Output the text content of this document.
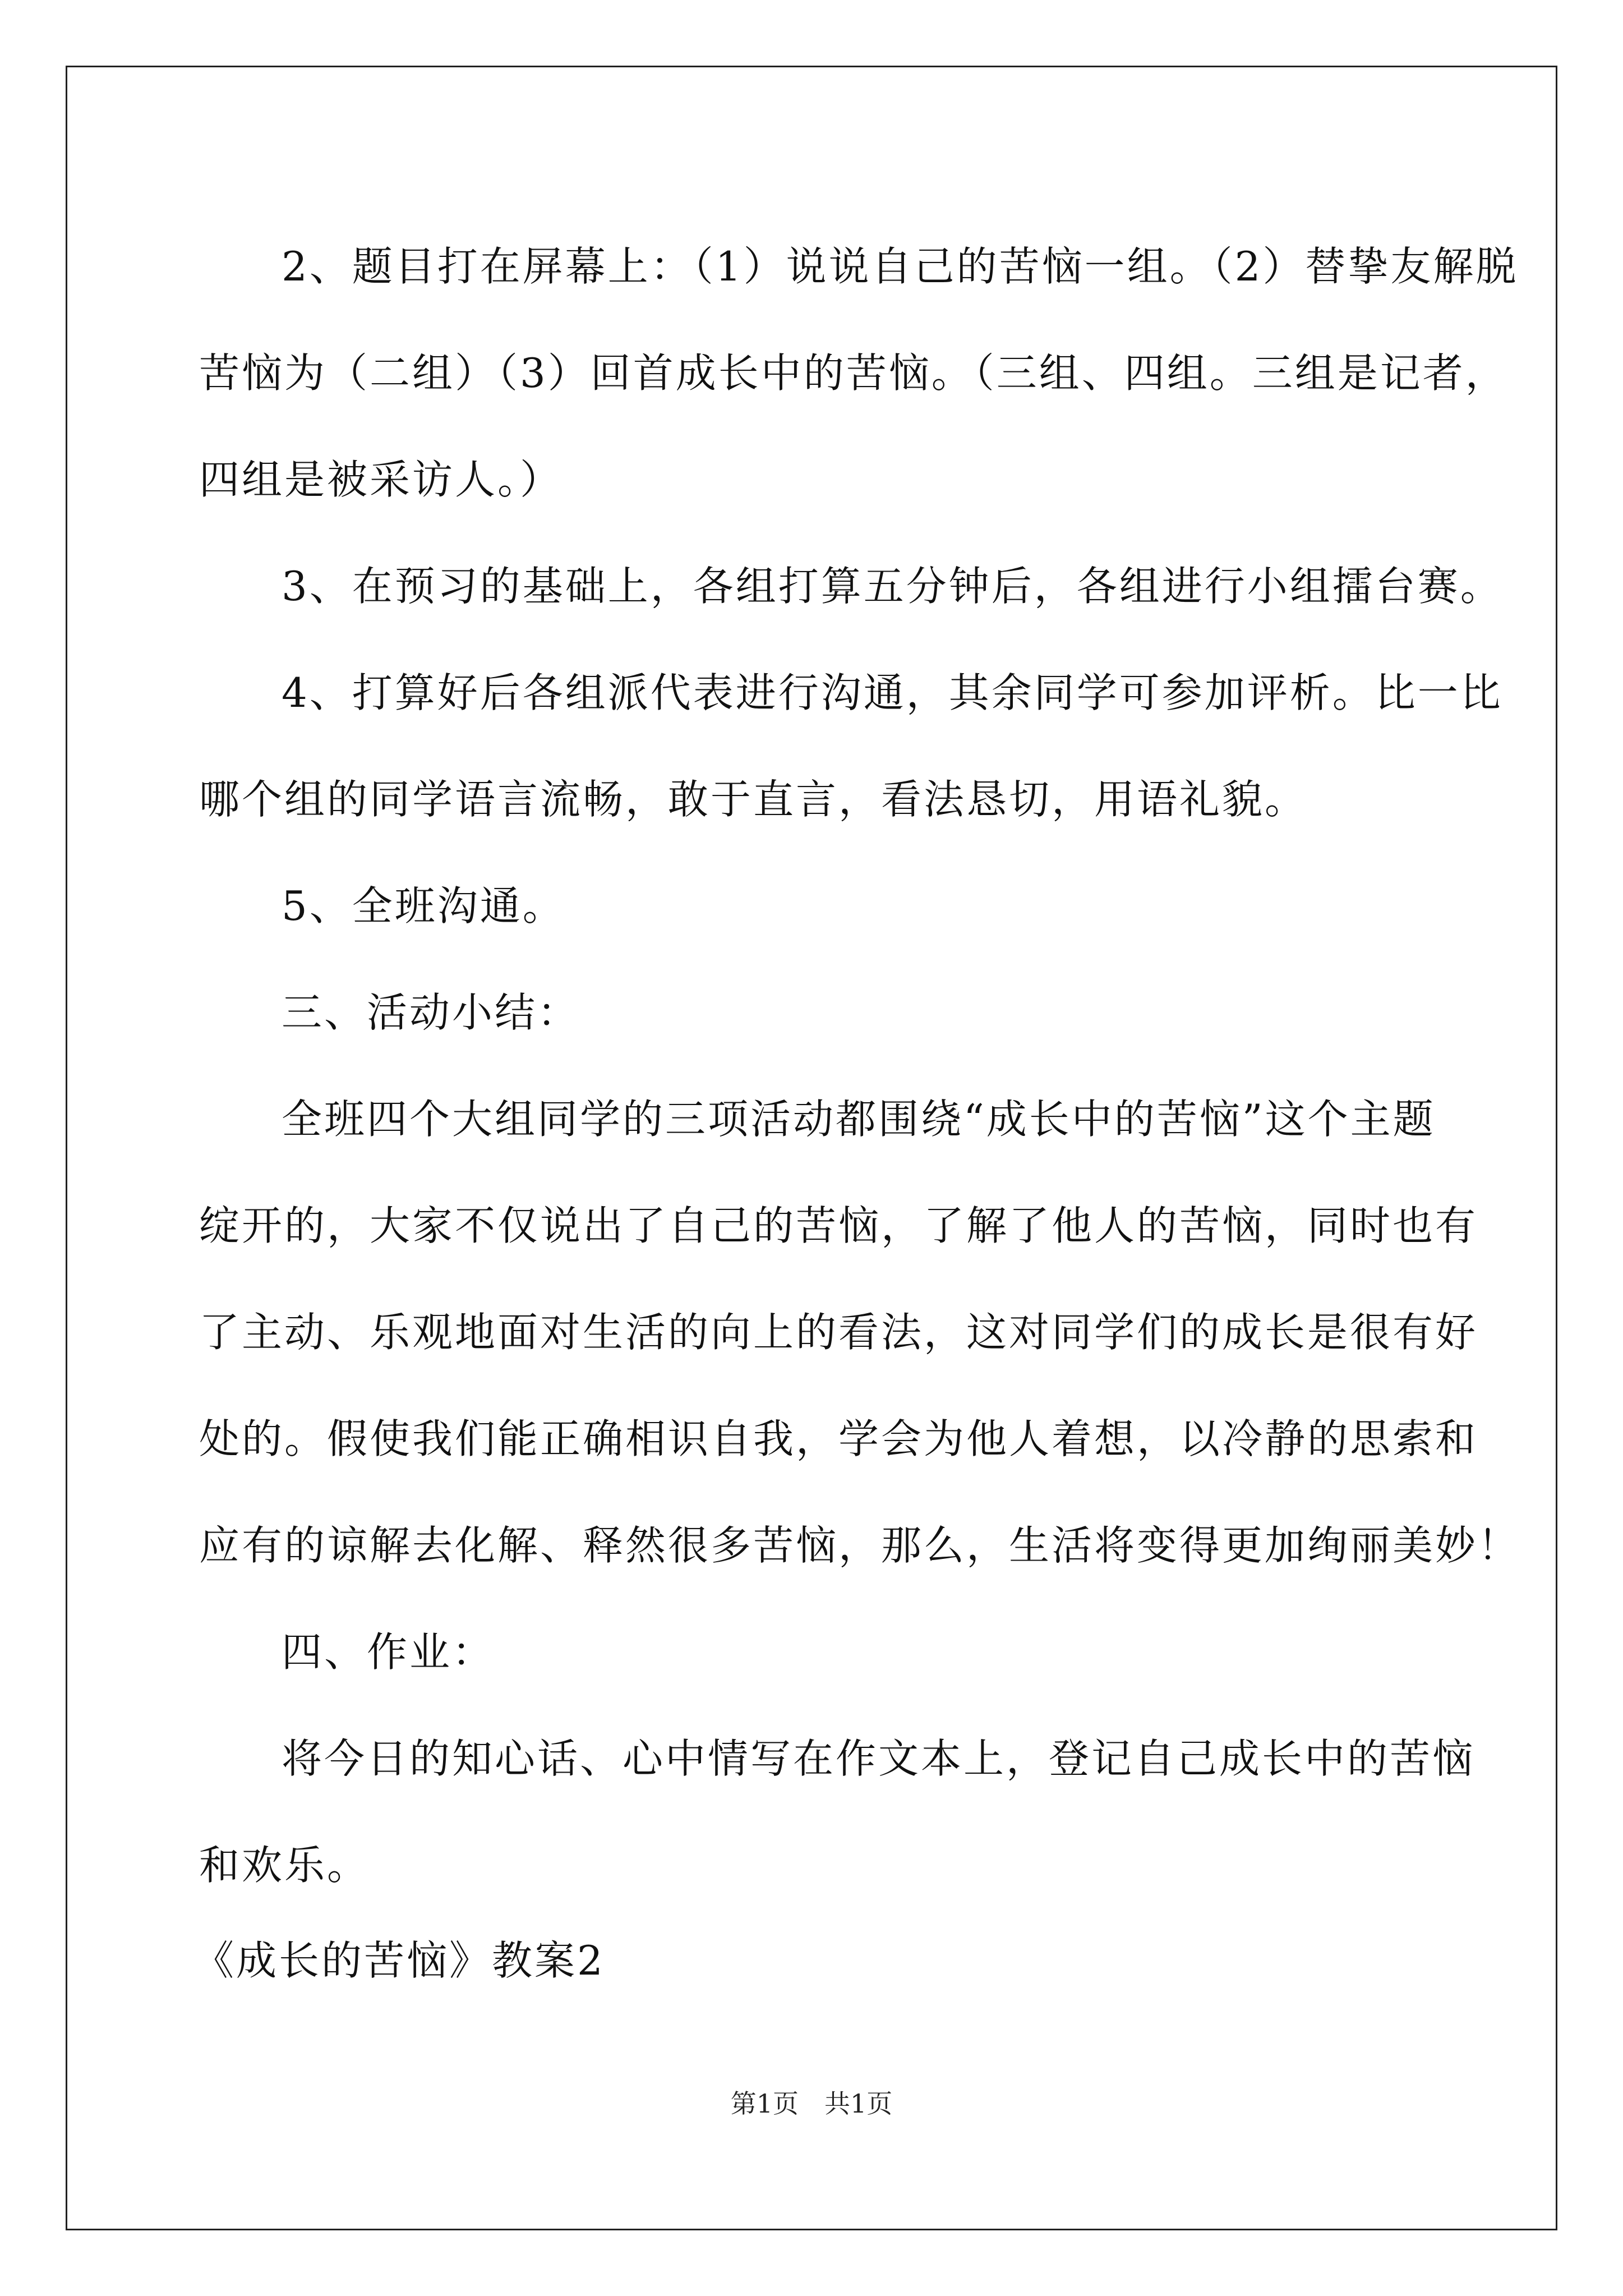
2、题目打在屏幕上：（1）说说自己的苦恼一组。（2）替挚友解脱

苦恼为（二组）（3）回首成长中的苦恼。（三组、四组。三组是记者，

四组是被采访人。）

3、在预习的基础上，各组打算五分钟后，各组进行小组擂台赛。

4、打算好后各组派代表进行沟通，其余同学可参加评析。比一比

哪个组的同学语言流畅，敢于直言，看法恳切，用语礼貌。

5、全班沟通。

三、活动小结：

全班四个大组同学的三项活动都围绕“成长中的苦恼”这个主题

绽开的，大家不仅说出了自己的苦恼，了解了他人的苦恼，同时也有

了主动、乐观地面对生活的向上的看法，这对同学们的成长是很有好

处的。假使我们能正确相识自我，学会为他人着想，以冷静的思索和

应有的谅解去化解、释然很多苦恼，那么，生活将变得更加绚丽美妙！

四、作业：

将今日的知心话、心中情写在作文本上，登记自己成长中的苦恼

和欢乐。

《成长的苦恼》教案2

第1页　共1页
